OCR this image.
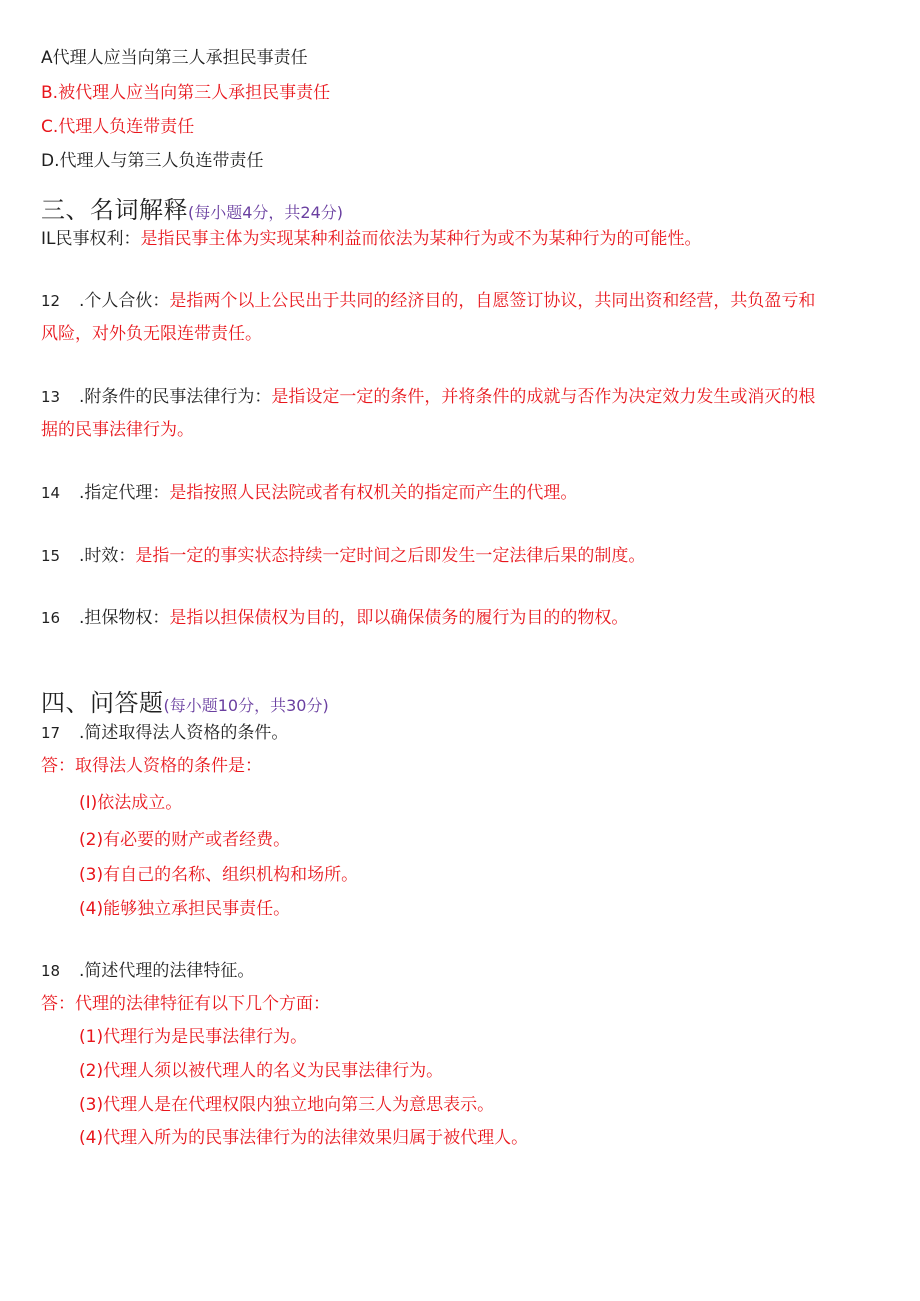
A代理人应当向第三人承担民事责任
B.被代理人应当向第三人承担民事责任
C.代理人负连带责任
D.代理人与第三人负连带责任
三、名词解释(每小题4分，共24分)
IL民事权利：是指民事主体为实现某种利益而依法为某种行为或不为某种行为的可能性。
12 .个人合伙：是指两个以上公民出于共同的经济目的，自愿签订协议，共同出资和经营，共负盈亏和
风险，对外负无限连带责任。
13 .附条件的民事法律行为：是指设定一定的条件，并将条件的成就与否作为决定效力发生或消灭的根
据的民事法律行为。
14 .指定代理：是指按照人民法院或者有权机关的指定而产生的代理。
15 .时效：是指一定的事实状态持续一定时间之后即发生一定法律后果的制度。
16 .担保物权：是指以担保债权为目的，即以确保债务的履行为目的的物权。
四、问答题(每小题10分，共30分)
17 .简述取得法人资格的条件。
答：取得法人资格的条件是：
(I)依法成立。
(2)有必要的财产或者经费。
(3)有自己的名称、组织机构和场所。
(4)能够独立承担民事责任。
18 .简述代理的法律特征。
答：代理的法律特征有以下几个方面：
(1)代理行为是民事法律行为。
(2)代理人须以被代理人的名义为民事法律行为。
(3)代理人是在代理权限内独立地向第三人为意思表示。
(4)代理入所为的民事法律行为的法律效果归属于被代理人。
